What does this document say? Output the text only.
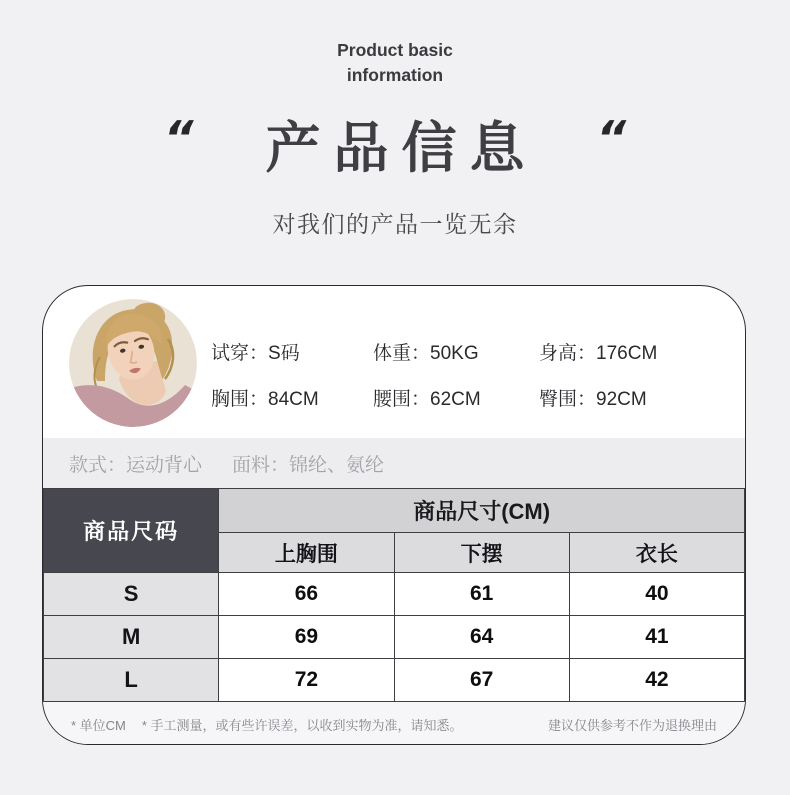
Product basic
information
“ 产品信息 “
对我们的产品一览无余
试穿：S码	体重：50KG	身高：176CM
胸围：84CM	腰围：62CM	臀围：92CM
款式：运动背心 面料：锦纶、氨纶
商品尺码	商品尺寸(CM)		
	上胸围	下摆	衣长
S	66	61	40
M	69	64	41
L	72	67	42
* 单位CM * 手工测量，或有些许误差，以收到实物为准，请知悉。	建议仅供参考不作为退换理由
